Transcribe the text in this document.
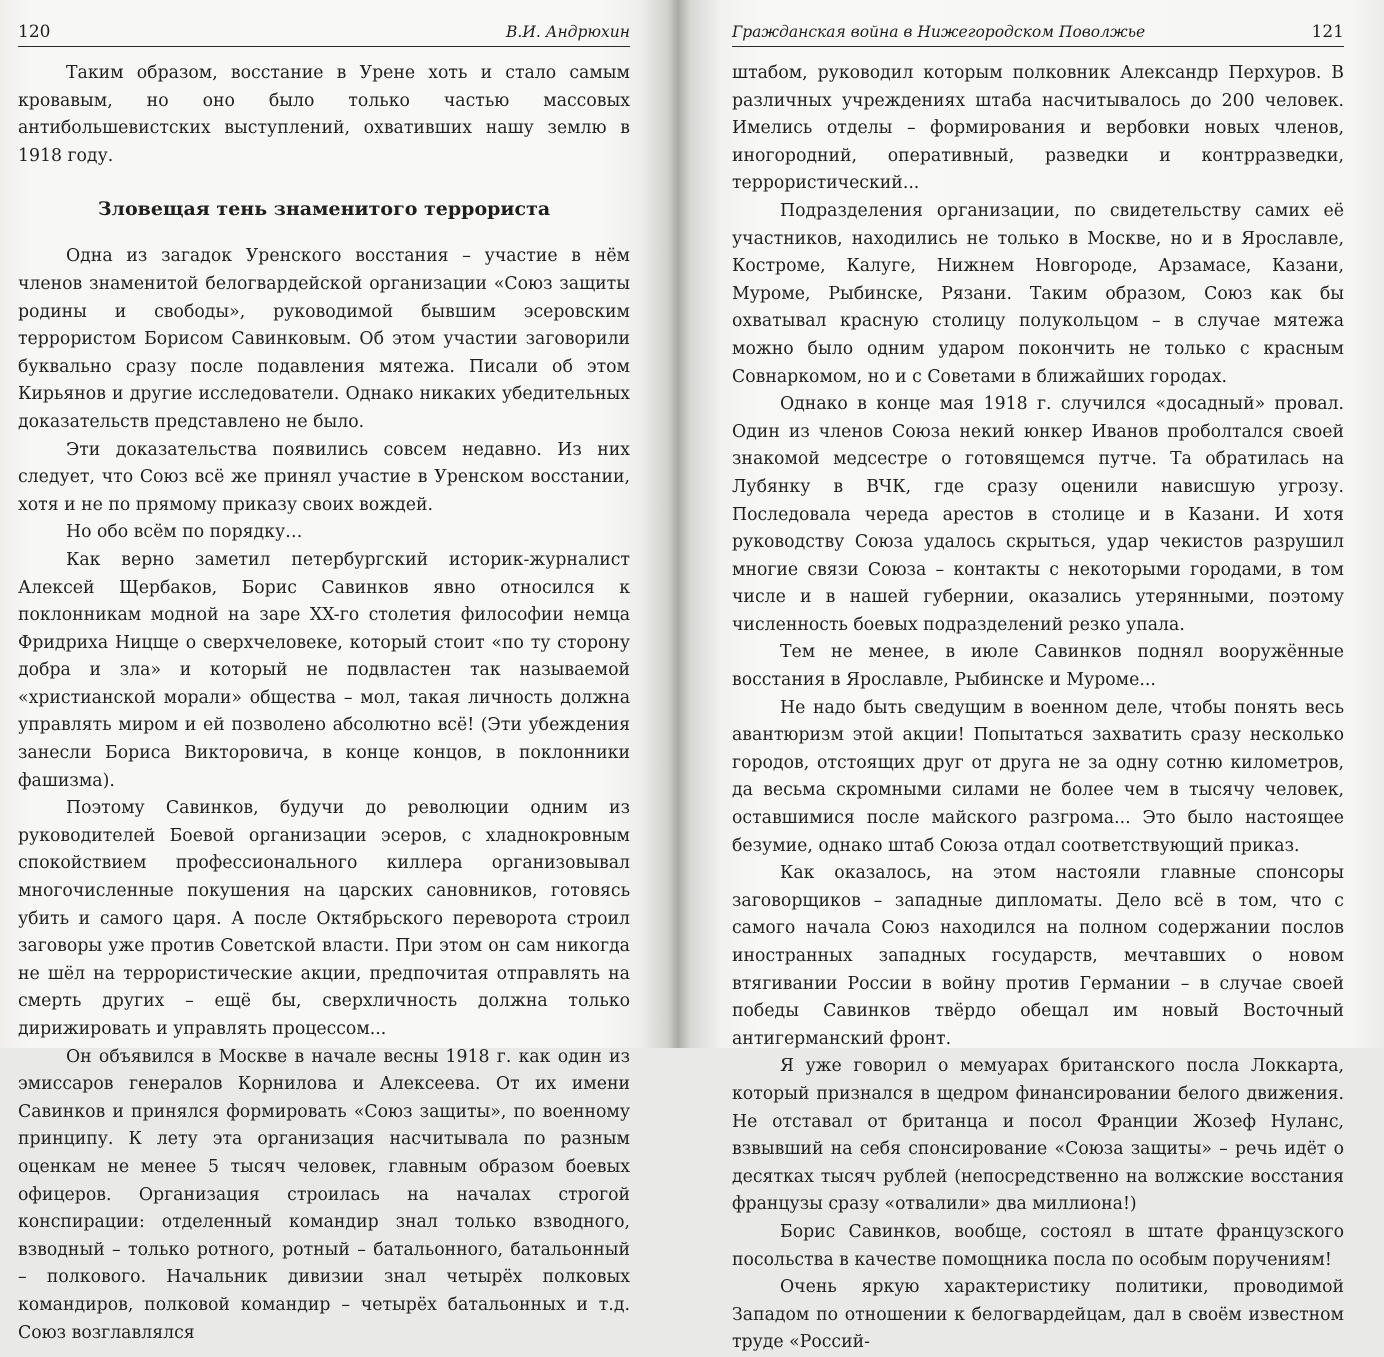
120	В.И. Андрюхин

Таким образом, восстание в Урене хоть и стало самым кровавым, но оно было только частью массовых антибольшевистских выступлений, охвативших нашу землю в 1918 году.

Зловещая тень знаменитого террориста

Одна из загадок Уренского восстания – участие в нём членов знаменитой белогвардейской организации «Союз защиты родины и свободы», руководимой бывшим эсеровским террористом Борисом Савинковым. Об этом участии заговорили буквально сразу после подавления мятежа. Писали об этом Кирьянов и другие исследователи. Однако никаких убедительных доказательств представлено не было.

Эти доказательства появились совсем недавно. Из них следует, что Союз всё же принял участие в Уренском восстании, хотя и не по прямому приказу своих вождей.

Но обо всём по порядку…

Как верно заметил петербургский историк-журналист Алексей Щербаков, Борис Савинков явно относился к поклонникам модной на заре XX-го столетия философии немца Фридриха Ницще о сверхчеловеке, который стоит «по ту сторону добра и зла» и который не подвластен так называемой «христианской морали» общества – мол, такая личность должна управлять миром и ей позволено абсолютно всё! (Эти убеждения занесли Бориса Викторовича, в конце концов, в поклонники фашизма).

Поэтому Савинков, будучи до революции одним из руководителей Боевой организации эсеров, с хладнокровным спокойствием профессионального киллера организовывал многочисленные покушения на царских сановников, готовясь убить и самого царя. А после Октябрьского переворота строил заговоры уже против Советской власти. При этом он сам никогда не шёл на террористические акции, предпочитая отправлять на смерть других – ещё бы, сверхличность должна только дирижировать и управлять процессом...

Он объявился в Москве в начале весны 1918 г. как один из эмиссаров генералов Корнилова и Алексеева. От их имени Савинков и принялся формировать «Союз защиты», по военному принципу. К лету эта организация насчитывала по разным оценкам не менее 5 тысяч человек, главным образом боевых офицеров. Организация строилась на началах строгой конспирации: отделенный командир знал только взводного, взводный – только ротного, ротный – батальонного, батальонный – полкового. Начальник дивизии знал четырёх полковых командиров, полковой командир – четырёх батальонных и т.д. Союз возглавлялся

Гражданская война в Нижегородском Поволжье	121

штабом, руководил которым полковник Александр Перхуров. В различных учреждениях штаба насчитывалось до 200 человек. Имелись отделы – формирования и вербовки новых членов, иногородний, оперативный, разведки и контрразведки, террористический...

Подразделения организации, по свидетельству самих её участников, находились не только в Москве, но и в Ярославле, Костроме, Калуге, Нижнем Новгороде, Арзамасе, Казани, Муроме, Рыбинске, Рязани. Таким образом, Союз как бы охватывал красную столицу полукольцом – в случае мятежа можно было одним ударом покончить не только с красным Совнаркомом, но и с Советами в ближайших городах.

Однако в конце мая 1918 г. случился «досадный» провал. Один из членов Союза некий юнкер Иванов проболтался своей знакомой медсестре о готовящемся путче. Та обратилась на Лубянку в ВЧК, где сразу оценили нависшую угрозу. Последовала череда арестов в столице и в Казани. И хотя руководству Союза удалось скрыться, удар чекистов разрушил многие связи Союза – контакты с некоторыми городами, в том числе и в нашей губернии, оказались утерянными, поэтому численность боевых подразделений резко упала.

Тем не менее, в июле Савинков поднял вооружённые восстания в Ярославле, Рыбинске и Муроме...

Не надо быть сведущим в военном деле, чтобы понять весь авантюризм этой акции! Попытаться захватить сразу несколько городов, отстоящих друг от друга не за одну сотню километров, да весьма скромными силами не более чем в тысячу человек, оставшимися после майского разгрома... Это было настоящее безумие, однако штаб Союза отдал соответствующий приказ.

Как оказалось, на этом настояли главные спонсоры заговорщиков – западные дипломаты. Дело всё в том, что с самого начала Союз находился на полном содержании послов иностранных западных государств, мечтавших о новом втягивании России в войну против Германии – в случае своей победы Савинков твёрдо обещал им новый Восточный антигерманский фронт.

Я уже говорил о мемуарах британского посла Локкарта, который признался в щедром финансировании белого движения. Не отставал от британца и посол Франции Жозеф Нуланс, взвывший на себя спонсирование «Союза защиты» – речь идёт о десятках тысяч рублей (непосредственно на волжские восстания французы сразу «отвалили» два миллиона!)

Борис Савинков, вообще, состоял в штате французского посольства в качестве помощника посла по особым поручениям!

Очень яркую характеристику политики, проводимой Западом по отношении к белогвардейцам, дал в своём известном труде «Россий-
